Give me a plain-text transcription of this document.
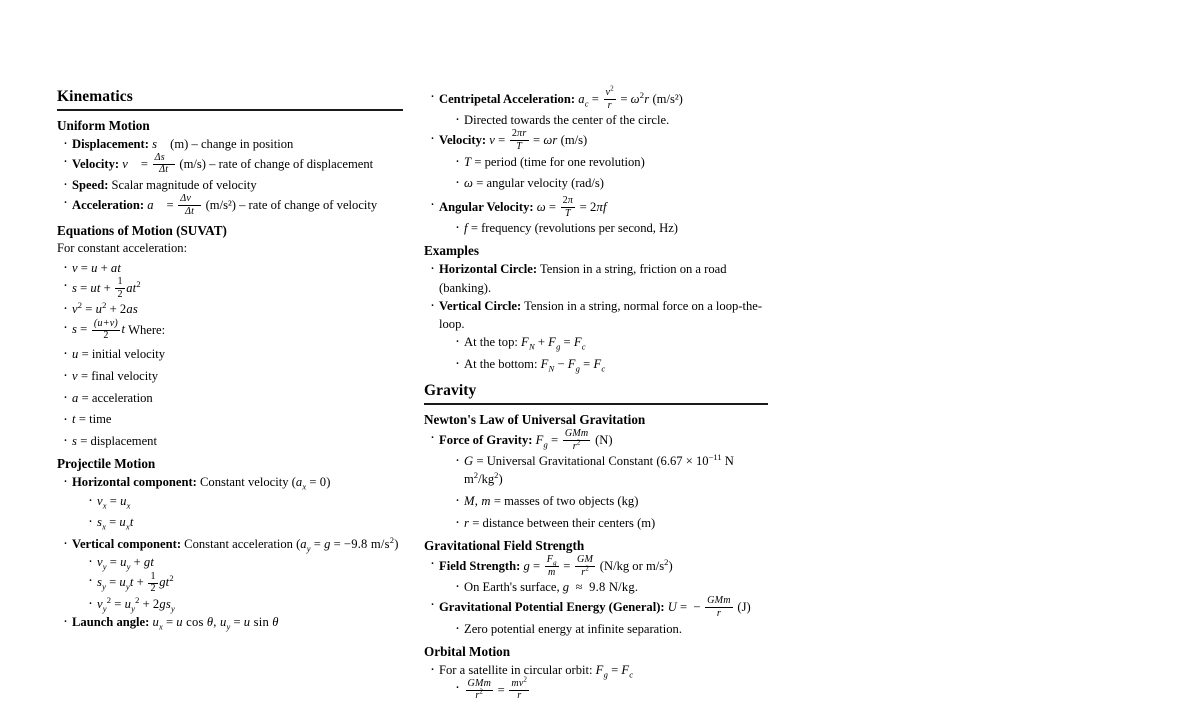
Kinematics
Uniform Motion
· Displacement: s⃗ (m) – change in position
· Velocity: v⃗ = $\frac{\Delta s⃗}{\Delta t} (m/s)$ – rate of change of displacement
· Speed: Scalar magnitude of velocity
· Acceleration: a⃗ = $\frac{\Delta v⃗}{\Delta t} (m/s^2)$ – rate of change of velocity
Equations of Motion (SUVAT)
For constant acceleration:
· v = u + at
· s = ut + $\frac{1}{2} at^2$
· $v^2 = u^2 + 2as$
· $s = \frac{(u+v)}{2}$ t Where:
· u = initial velocity
· v = final velocity
· a = acceleration
· t = time
· s = displacement
Projectile Motion
· Horizontal component: Constant velocity $(a_x = 0)$
· $v_x = u_x$
· $s_x = u_xt$
· Vertical component: Constant acceleration ($a_y = g = -9.8$ $m/s^2$)
· $v_y = u_y$ + gt
· $s_y = u_yt + \frac{1}{2} gt^2$
· $v_y^2 = u_y^2 + 2gs_y$
· Launch angle: $u_x = u$ cos θ, $u_y = u$ sin θ
· Centripetal Acceleration: $a_c = \frac{v^2}{r} = \omega^2r$ (m/s²)
· Directed towards the center of the circle.
· Velocity: $v = \frac{2\pi r}{T} = \omega r$ (m/s)
· T = period (time for one revolution)
· ω = angular velocity (rad/s)
· Angular Velocity: $\omega = \frac{2\pi}{T} = 2\pi f$
· f = frequency (revolutions per second, Hz)
Examples
· Horizontal Circle: Tension in a string, friction on a road (banking).
· Vertical Circle: Tension in a string, normal force on a loop-the-loop.
· At the top: $F_N + F_g = F_c$
· At the bottom: $F_N - F_g = F_c$
Gravity
Newton's Law of Universal Gravitation
· Force of Gravity: $F_g = \frac{\text{GMm}}{r^2} (N)$
· G = Universal Gravitational Constant ($6.67 \times 10^{-11}$ N $m^2/kg^2$)
· M, m = masses of two objects (kg)
· r = distance between their centers (m)
Gravitational Field Strength
· Field Strength: $g = \frac{F_g}{m} = \frac{GM}{r^2} (N/kg$ or $m/s^2$)
· On Earth's surface, g ≈ 9.8 N/kg.
· Gravitational Potential Energy (General): U = − $\frac{\text{GMm}}{r} (J)$
· Zero potential energy at infinite separation.
Orbital Motion
· For a satellite in circular orbit: $F_g = F_c$
· $\frac{\text{GMm}}{r^2} = \frac{mv^2}{r}$
